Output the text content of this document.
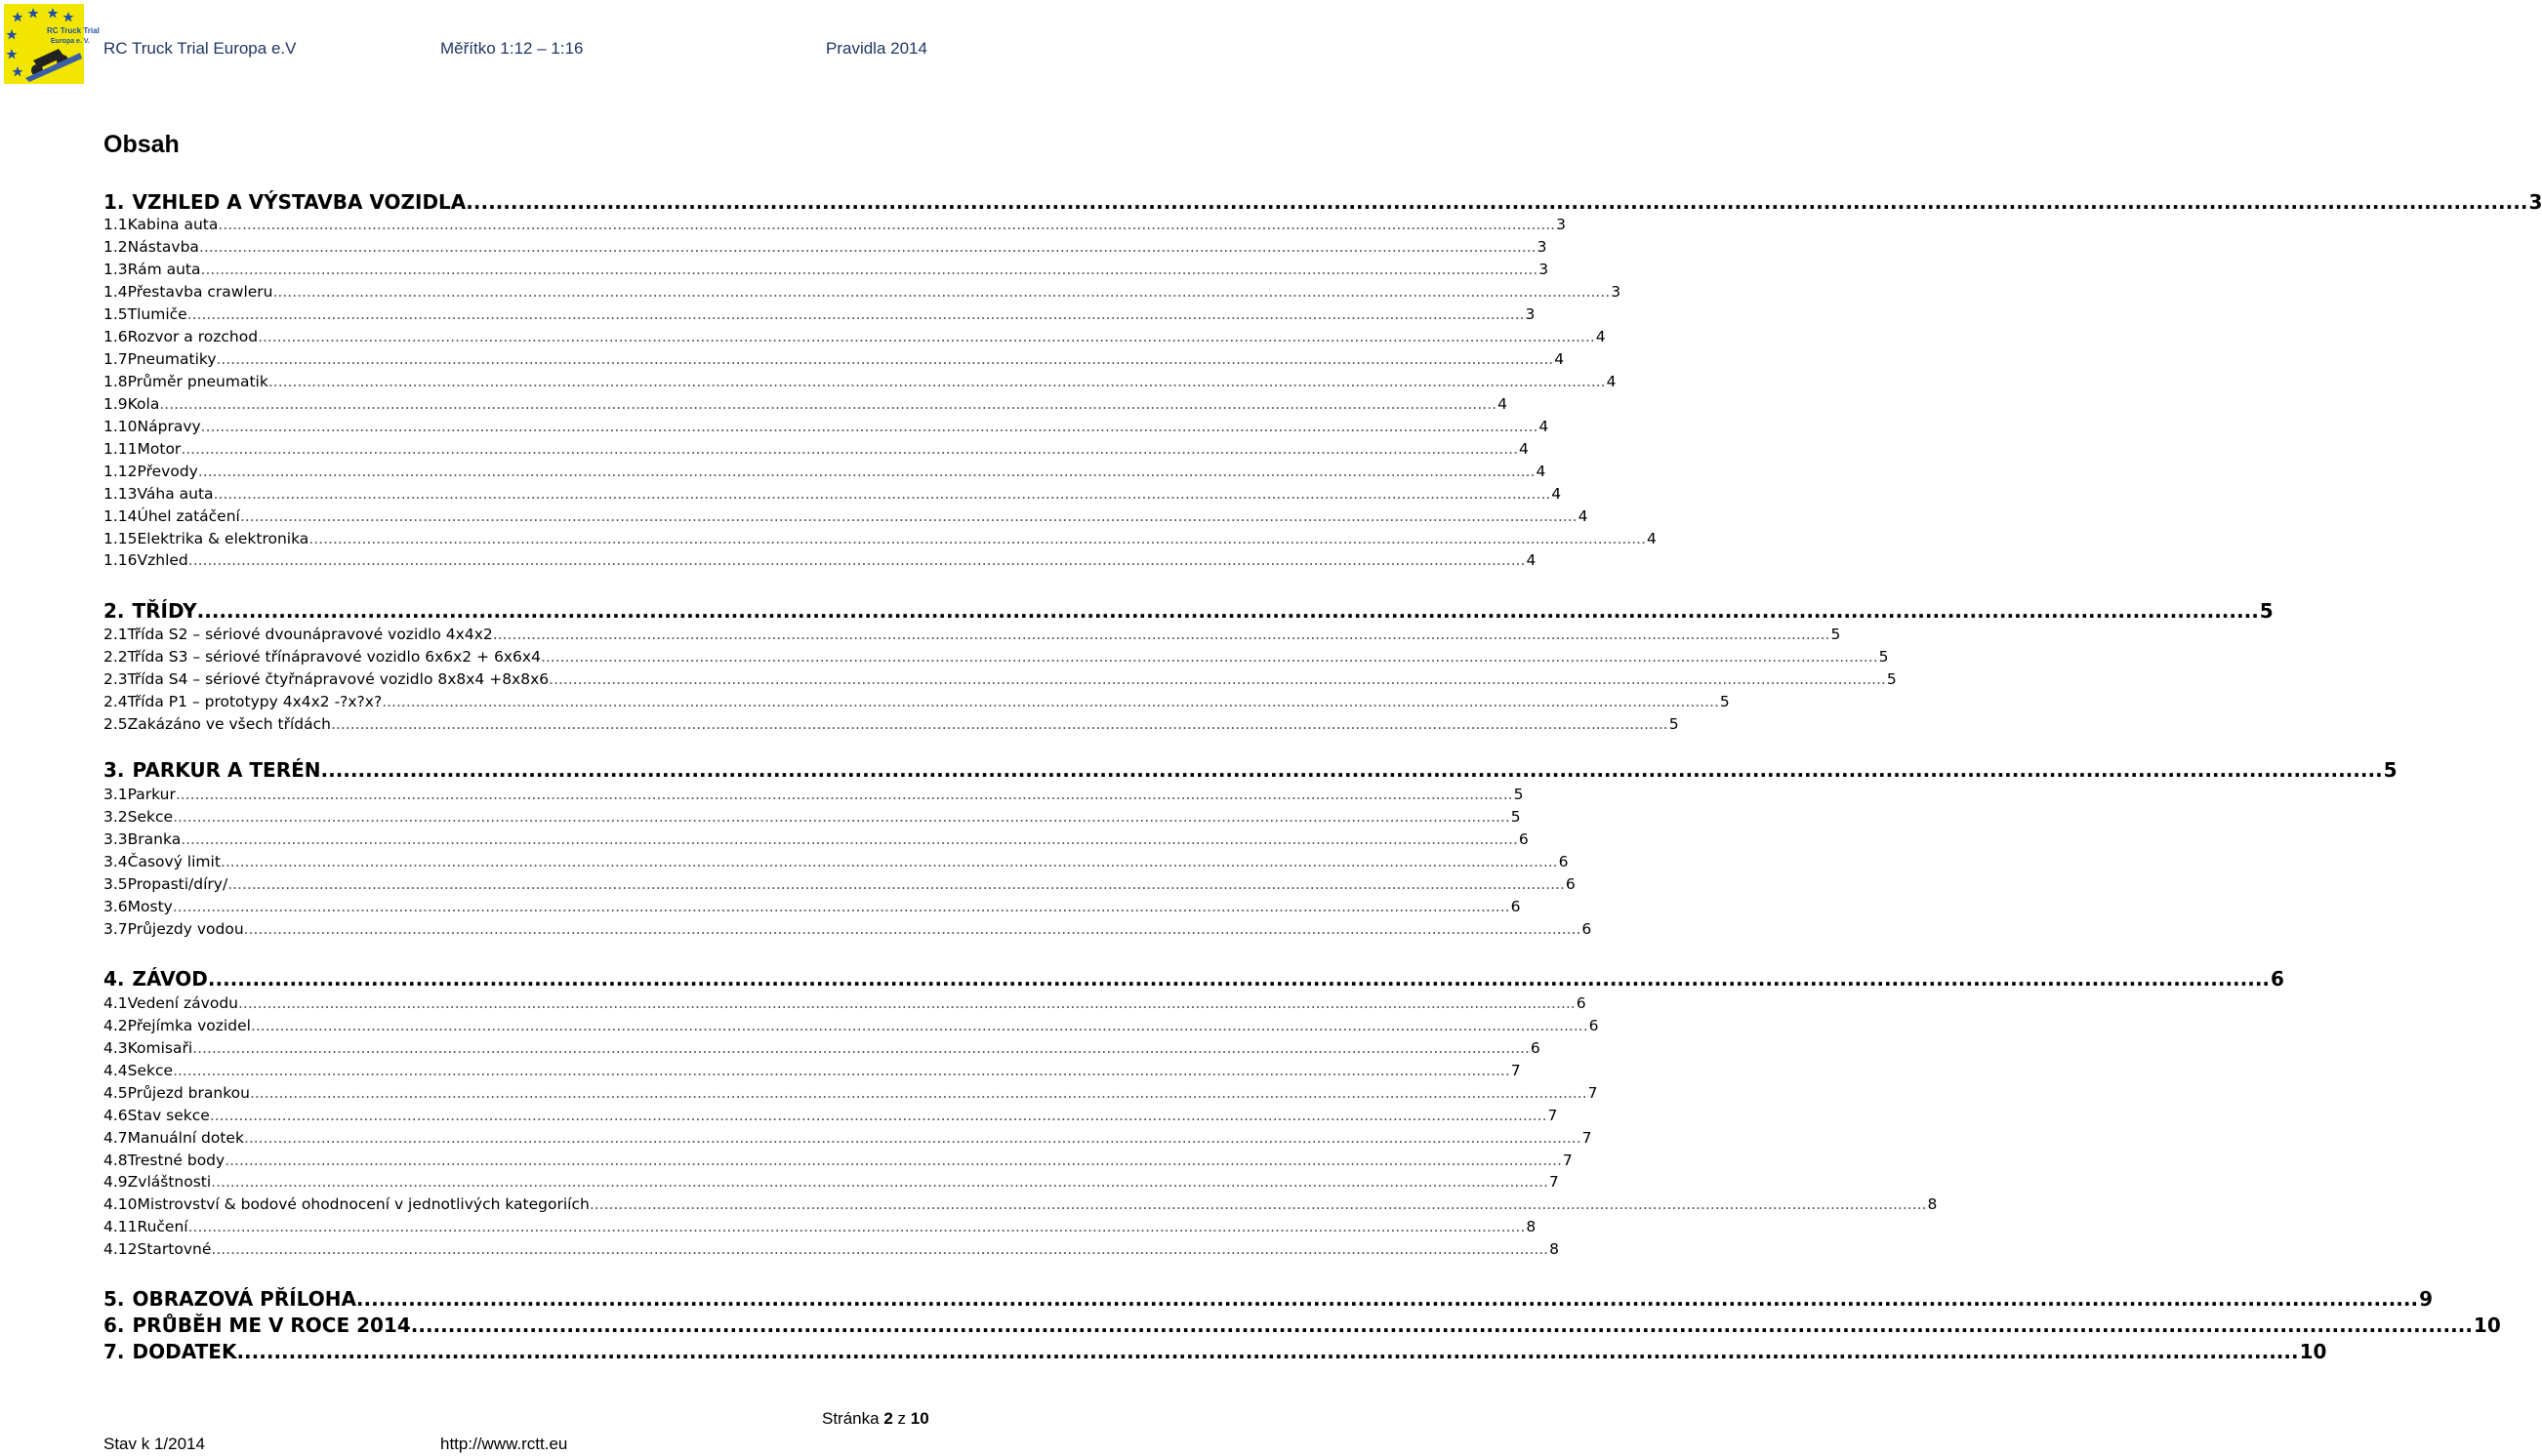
RC Truck Trial
Europa e. V. RC Truck Trial Europa e.V	Měřítko 1:12 – 1:16	Pravidla 2014
Obsah
1. VZHLED A VÝSTAVBA VOZIDLA .....	3
1.1 Kabina auta .....	3
1.2 Nástavba .....	3
1.3 Rám auta .....	3
1.4 Přestavba crawleru .....	3
1.5 Tlumiče .....	3
1.6 Rozvor a rozchod .....	4
1.7 Pneumatiky .....	4
1.8 Průměr pneumatik .....	4
1.9 Kola .....	4
1.10 Nápravy .....	4
1.11 Motor .....	4
1.12 Převody .....	4
1.13 Váha auta .....	4
1.14 Úhel zatáčení .....	4
1.15 Elektrika & elektronika .....	4
1.16 Vzhled .....	4
2. TŘÍDY .....	5
2.1 Třída S2 – sériové dvounápravové vozidlo 4x4x2 .....	5
2.2 Třída S3 – sériové třínápravové vozidlo 6x6x2 + 6x6x4 .....	5
2.3 Třída S4 – sériové čtyřnápravové vozidlo 8x8x4 +8x8x6 .....	5
2.4 Třída P1 – prototypy 4x4x2 -?x?x? .....	5
2.5 Zakázáno ve všech třídách .....	5
3. PARKUR A TERÉN .....	5
3.1 Parkur .....	5
3.2 Sekce .....	5
3.3 Branka .....	6
3.4 Časový limit .....	6
3.5 Propasti/díry/ .....	6
3.6 Mosty .....	6
3.7 Průjezdy vodou .....	6
4. ZÁVOD .....	6
4.1 Vedení závodu .....	6
4.2 Přejímka vozidel .....	6
4.3 Komisaři .....	6
4.4 Sekce .....	7
4.5 Průjezd brankou .....	7
4.6 Stav sekce .....	7
4.7 Manuální dotek .....	7
4.8 Trestné body .....	7
4.9 Zvláštnosti .....	7
4.10 Mistrovství & bodové ohodnocení v jednotlivých kategoriích .....	8
4.11 Ručení .....	8
4.12 Startovné .....	8
5. OBRAZOVÁ PŘÍLOHA .....	9
6. PRŮBĚH ME V ROCE 2014 .....	10
7. DODATEK .....	10
Stránka 2 z 10
Stav k 1/2014	http://www.rctt.eu
